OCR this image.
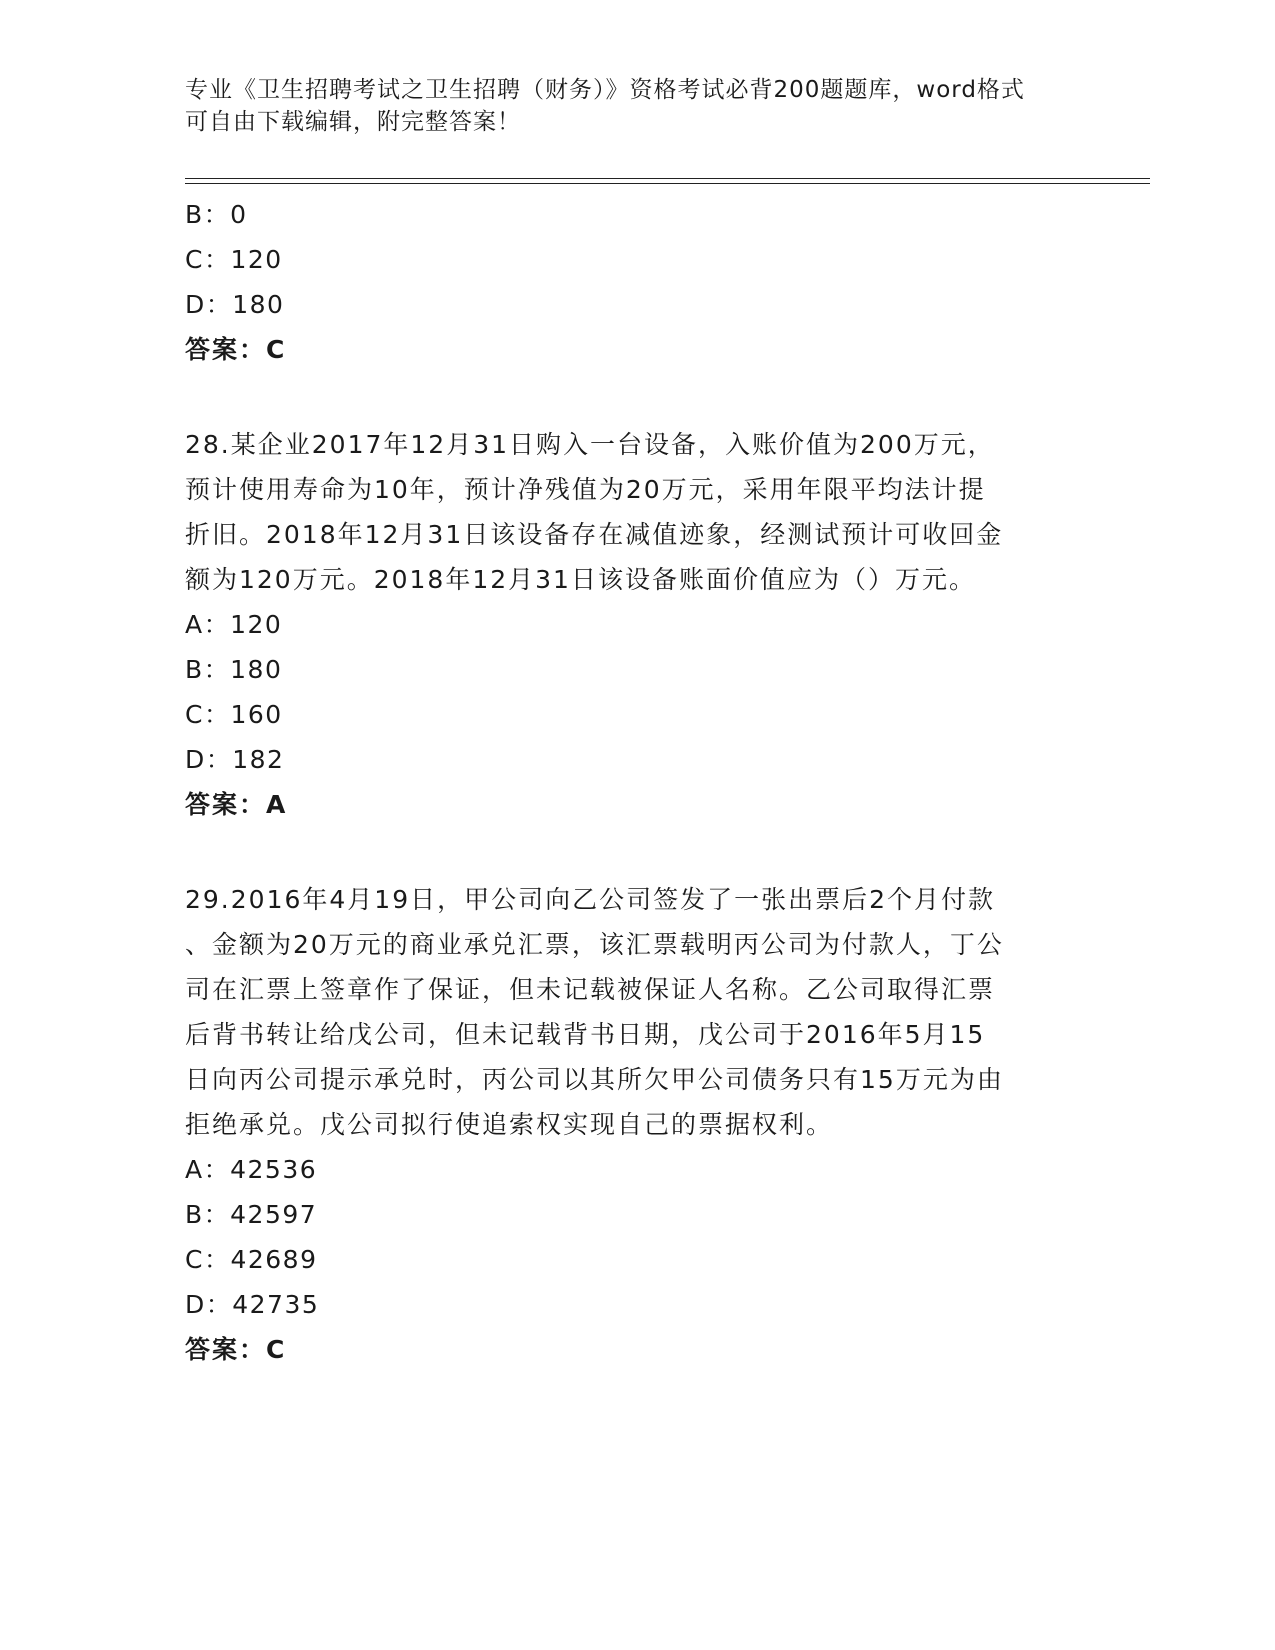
专业《卫生招聘考试之卫生招聘（财务）》资格考试必背200题题库，word格式
可自由下载编辑，附完整答案！
B：0
C：120
D：180
答案：C
28.某企业2017年12月31日购入一台设备，入账价值为200万元，
预计使用寿命为10年，预计净残值为20万元，采用年限平均法计提
折旧。2018年12月31日该设备存在减值迹象，经测试预计可收回金
额为120万元。2018年12月31日该设备账面价值应为（）万元。
A：120
B：180
C：160
D：182
答案：A
29.2016年4月19日，甲公司向乙公司签发了一张出票后2个月付款
、金额为20万元的商业承兑汇票，该汇票载明丙公司为付款人，丁公
司在汇票上签章作了保证，但未记载被保证人名称。乙公司取得汇票
后背书转让给戊公司，但未记载背书日期，戊公司于2016年5月15
日向丙公司提示承兑时，丙公司以其所欠甲公司债务只有15万元为由
拒绝承兑。戊公司拟行使追索权实现自己的票据权利。
A：42536
B：42597
C：42689
D：42735
答案：C
